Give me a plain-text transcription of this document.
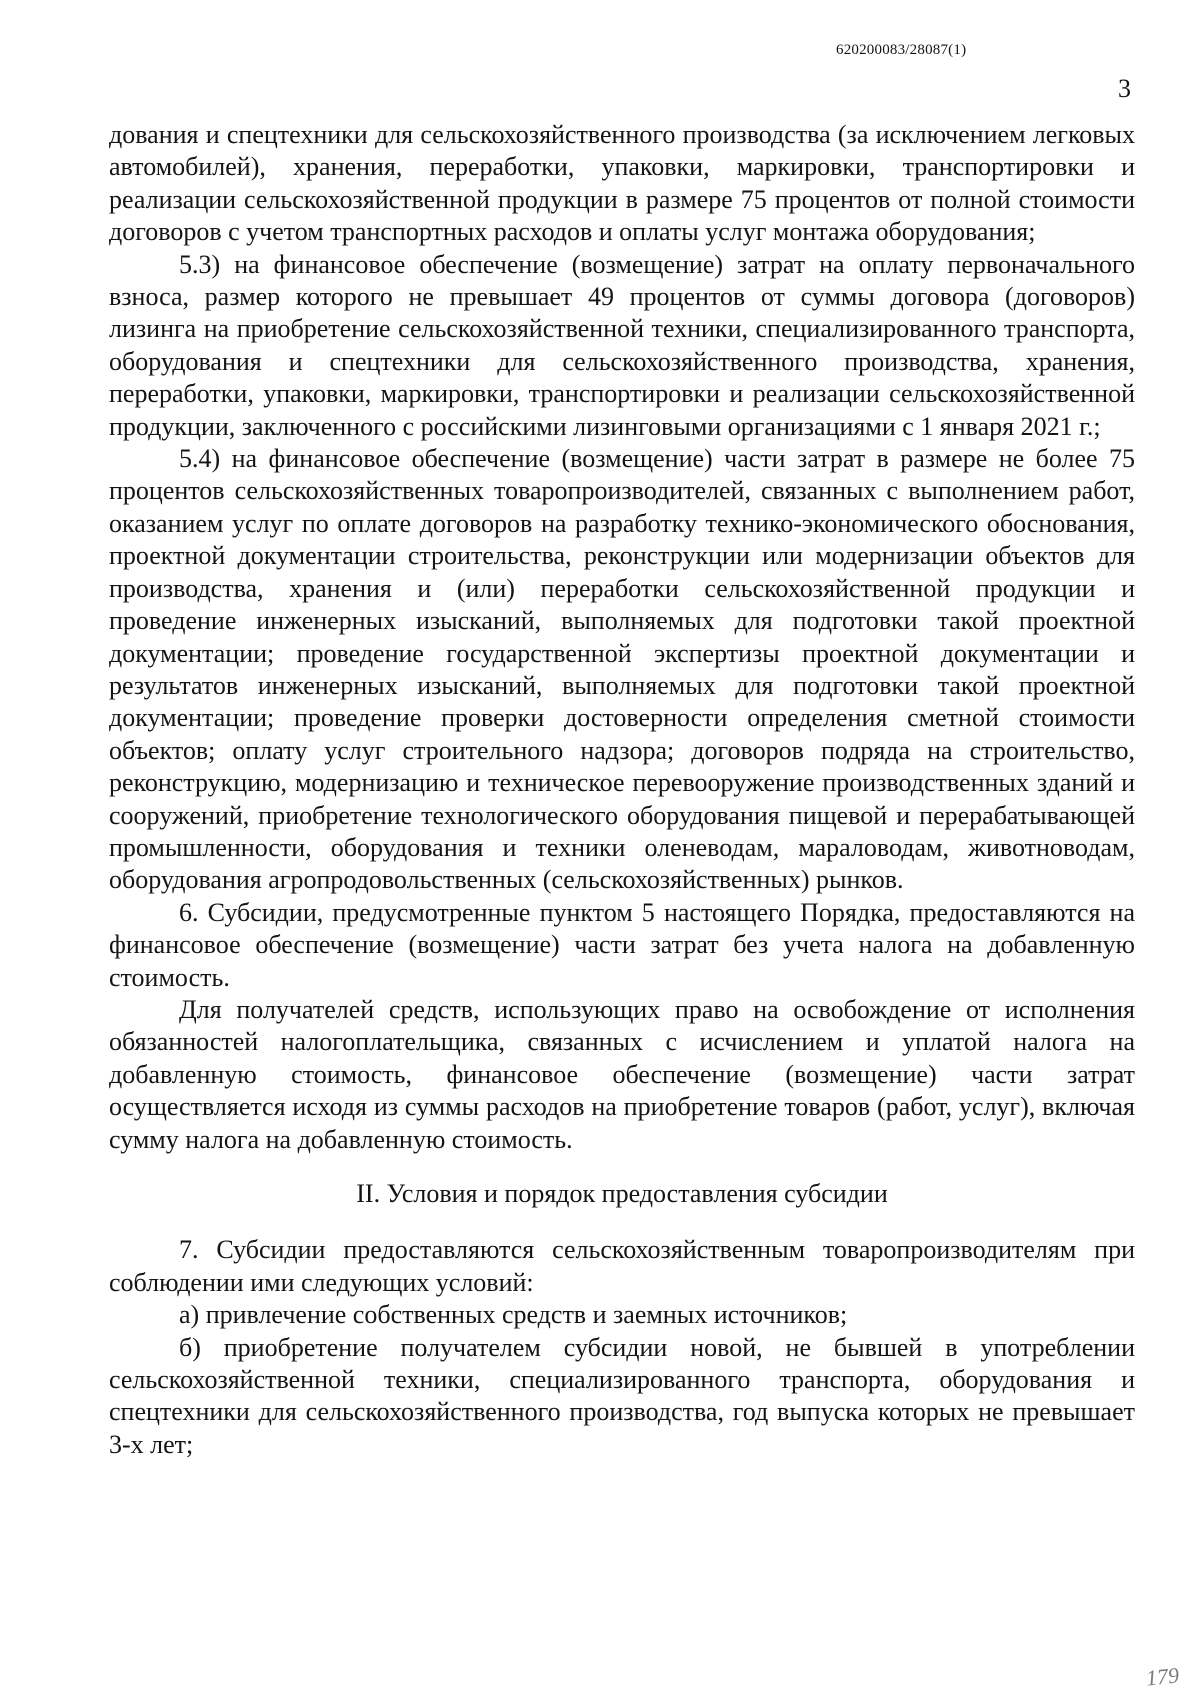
620200083/28087(1)
3

дования и спецтехники для сельскохозяйственного производства (за исключением легковых автомобилей), хранения, переработки, упаковки, маркировки, транспортировки и реализации сельскохозяйственной продукции в размере 75 процентов от полной стоимости договоров с учетом транспортных расходов и оплаты услуг монтажа оборудования;

5.3) на финансовое обеспечение (возмещение) затрат на оплату первоначального взноса, размер которого не превышает 49 процентов от суммы договора (договоров) лизинга на приобретение сельскохозяйственной техники, специализированного транспорта, оборудования и спецтехники для сельскохозяйственного производства, хранения, переработки, упаковки, маркировки, транспортировки и реализации сельскохозяйственной продукции, заключенного с российскими лизинговыми организациями с 1 января 2021 г.;

5.4) на финансовое обеспечение (возмещение) части затрат в размере не более 75 процентов сельскохозяйственных товаропроизводителей, связанных с выполнением работ, оказанием услуг по оплате договоров на разработку технико-экономического обоснования, проектной документации строительства, реконструкции или модернизации объектов для производства, хранения и (или) переработки сельскохозяйственной продукции и проведение инженерных изысканий, выполняемых для подготовки такой проектной документации; проведение государственной экспертизы проектной документации и результатов инженерных изысканий, выполняемых для подготовки такой проектной документации; проведение проверки достоверности определения сметной стоимости объектов; оплату услуг строительного надзора; договоров подряда на строительство, реконструкцию, модернизацию и техническое перевооружение производственных зданий и сооружений, приобретение технологического оборудования пищевой и перерабатывающей промышленности, оборудования и техники оленеводам, мараловодам, животноводам, оборудования агропродовольственных (сельскохозяйственных) рынков.

6. Субсидии, предусмотренные пунктом 5 настоящего Порядка, предоставляются на финансовое обеспечение (возмещение) части затрат без учета налога на добавленную стоимость.

Для получателей средств, использующих право на освобождение от исполнения обязанностей налогоплательщика, связанных с исчислением и уплатой налога на добавленную стоимость, финансовое обеспечение (возмещение) части затрат осуществляется исходя из суммы расходов на приобретение товаров (работ, услуг), включая сумму налога на добавленную стоимость.

II. Условия и порядок предоставления субсидии

7. Субсидии предоставляются сельскохозяйственным товаропроизводителям при соблюдении ими следующих условий:

а) привлечение собственных средств и заемных источников;

б) приобретение получателем субсидии новой, не бывшей в употреблении сельскохозяйственной техники, специализированного транспорта, оборудования и спецтехники для сельскохозяйственного производства, год выпуска которых не превышает 3-х лет;

179
